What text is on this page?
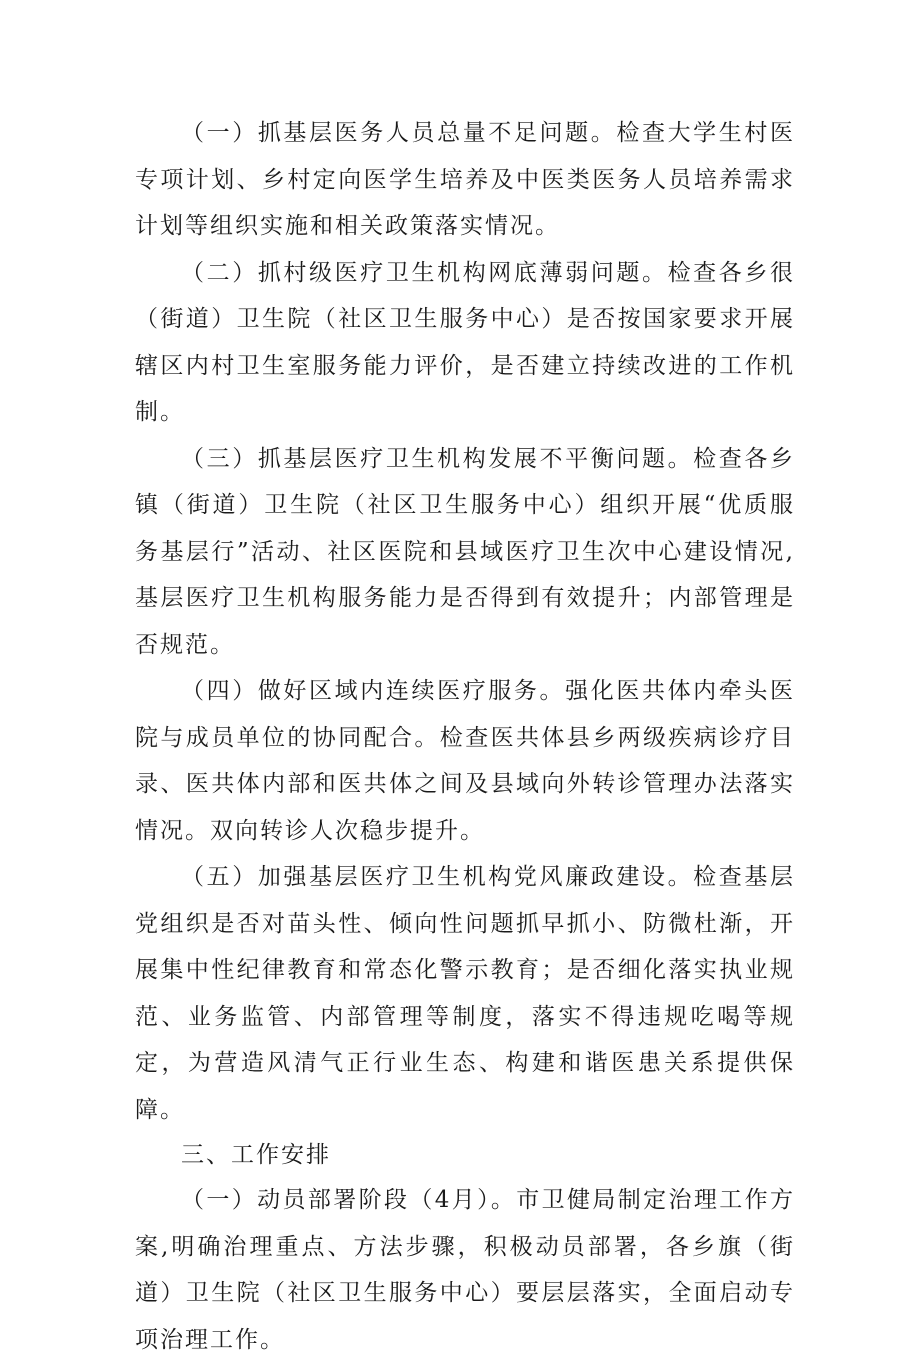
（一）抓基层医务人员总量不足问题。检查大学生村医专项计划、乡村定向医学生培养及中医类医务人员培养需求计划等组织实施和相关政策落实情况。

（二）抓村级医疗卫生机构网底薄弱问题。检查各乡很（街道）卫生院（社区卫生服务中心）是否按国家要求开展辖区内村卫生室服务能力评价，是否建立持续改进的工作机制。

（三）抓基层医疗卫生机构发展不平衡问题。检查各乡镇（街道）卫生院（社区卫生服务中心）组织开展“优质服务基层行”活动、社区医院和县域医疗卫生次中心建设情况,基层医疗卫生机构服务能力是否得到有效提升；内部管理是否规范。

（四）做好区域内连续医疗服务。强化医共体内牵头医院与成员单位的协同配合。检查医共体县乡两级疾病诊疗目录、医共体内部和医共体之间及县域向外转诊管理办法落实情况。双向转诊人次稳步提升。

（五）加强基层医疗卫生机构党风廉政建设。检查基层党组织是否对苗头性、倾向性问题抓早抓小、防微杜渐，开展集中性纪律教育和常态化警示教育；是否细化落实执业规范、业务监管、内部管理等制度，落实不得违规吃喝等规定，为营造风清气正行业生态、构建和谐医患关系提供保障。

三、工作安排

（一）动员部署阶段（4月）。市卫健局制定治理工作方案,明确治理重点、方法步骤，积极动员部署，各乡旗（街道）卫生院（社区卫生服务中心）要层层落实，全面启动专项治理工作。
